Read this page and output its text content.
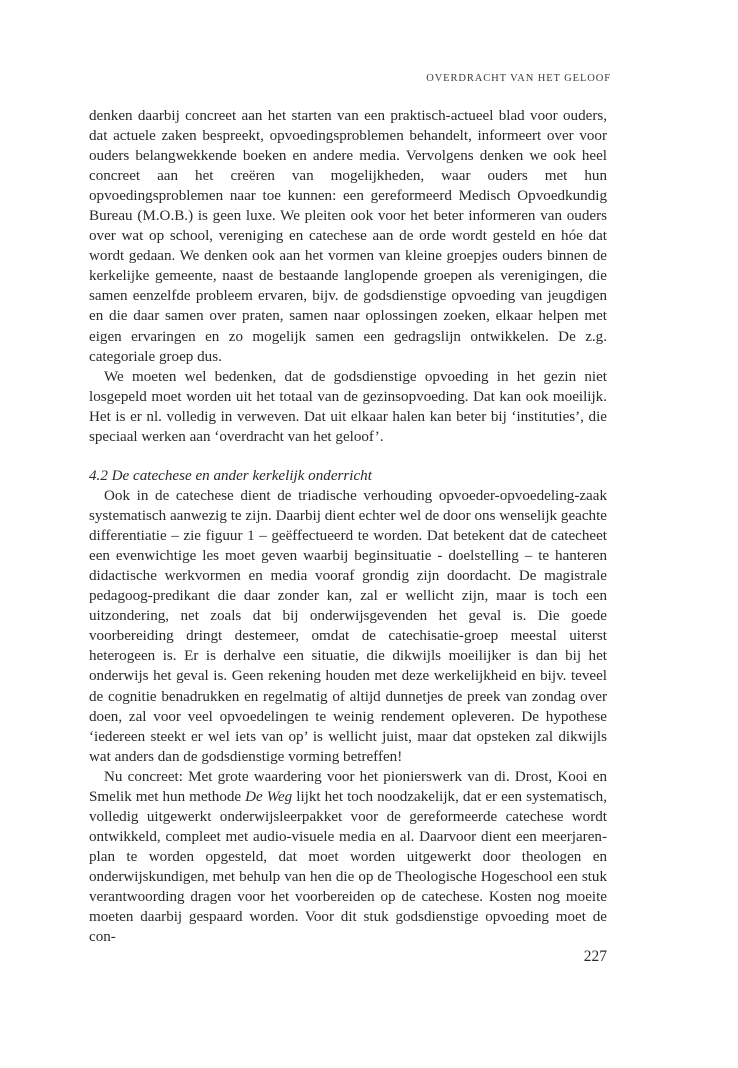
OVERDRACHT VAN HET GELOOF

denken daarbij concreet aan het starten van een praktisch-actueel blad voor ouders, dat actuele zaken bespreekt, opvoedingsproblemen behandelt, informeert over voor ouders belangwekkende boeken en andere media. Vervolgens denken we ook heel concreet aan het creëren van mogelijkheden, waar ouders met hun opvoedingsproblemen naar toe kunnen: een gereformeerd Medisch Opvoedkundig Bureau (M.O.B.) is geen luxe. We pleiten ook voor het beter informeren van ouders over wat op school, vereniging en catechese aan de orde wordt gesteld en hóe dat wordt gedaan. We denken ook aan het vormen van kleine groepjes ouders binnen de kerkelijke gemeente, naast de bestaande langlopende groepen als verenigingen, die samen eenzelfde probleem ervaren, bijv. de godsdienstige opvoeding van jeugdigen en die daar samen over praten, samen naar oplossingen zoeken, elkaar helpen met eigen ervaringen en zo mogelijk samen een gedragslijn ontwikkelen. De z.g. categoriale groep dus.

We moeten wel bedenken, dat de godsdienstige opvoeding in het gezin niet losgepeld moet worden uit het totaal van de gezinsopvoeding. Dat kan ook moeilijk. Het is er nl. volledig in verweven. Dat uit elkaar halen kan beter bij ‘instituties’, die speciaal werken aan ‘overdracht van het geloof’.

4.2 De catechese en ander kerkelijk onderricht

Ook in de catechese dient de triadische verhouding opvoeder-opvoedeling-zaak systematisch aanwezig te zijn. Daarbij dient echter wel de door ons wenselijk geachte differentiatie – zie figuur 1 – geëffectueerd te worden. Dat betekent dat de catecheet een evenwichtige les moet geven waarbij beginsituatie - doelstelling – te hanteren didactische werkvormen en media vooraf grondig zijn doordacht. De magistrale pedagoog-predikant die daar zonder kan, zal er wellicht zijn, maar is toch een uitzondering, net zoals dat bij onderwijsgevenden het geval is. Die goede voorbereiding dringt destemeer, omdat de catechisatie-groep meestal uiterst heterogeen is. Er is derhalve een situatie, die dikwijls moeilijker is dan bij het onderwijs het geval is. Geen rekening houden met deze werkelijkheid en bijv. teveel de cognitie benadrukken en regelmatig of altijd dunnetjes de preek van zondag over doen, zal voor veel opvoedelingen te weinig rendement opleveren. De hypothese ‘iedereen steekt er wel iets van op’ is wellicht juist, maar dat opsteken zal dikwijls wat anders dan de godsdienstige vorming betreffen!

Nu concreet: Met grote waardering voor het pionierswerk van di. Drost, Kooi en Smelik met hun methode De Weg lijkt het toch noodzakelijk, dat er een systematisch, volledig uitgewerkt onderwijsleerpakket voor de gereformeerde catechese wordt ontwikkeld, compleet met audio-visuele media en al. Daarvoor dient een meerjaren-plan te worden opgesteld, dat moet worden uitgewerkt door theologen en onderwijskundigen, met behulp van hen die op de Theologische Hogeschool een stuk verantwoording dragen voor het voorbereiden op de catechese. Kosten nog moeite moeten daarbij gespaard worden. Voor dit stuk godsdienstige opvoeding moet de con-

227
